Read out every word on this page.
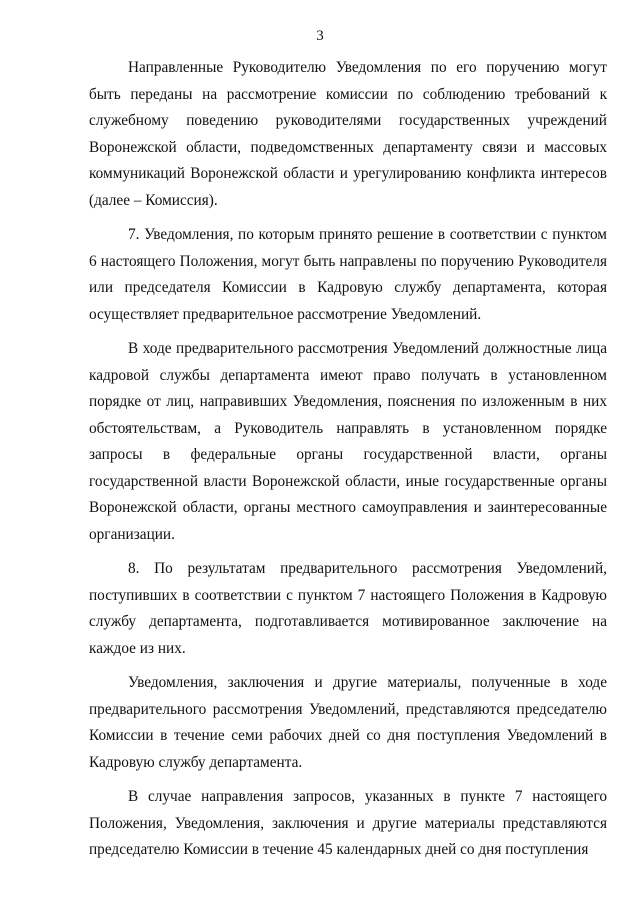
3

Направленные Руководителю Уведомления по его поручению могут быть переданы на рассмотрение комиссии по соблюдению требований к служебному поведению руководителями государственных учреждений Воронежской области, подведомственных департаменту связи и массовых коммуникаций Воронежской области и урегулированию конфликта интересов (далее – Комиссия).

7. Уведомления, по которым принято решение в соответствии с пунктом 6 настоящего Положения, могут быть направлены по поручению Руководителя или председателя Комиссии в Кадровую службу департамента, которая осуществляет предварительное рассмотрение Уведомлений.

В ходе предварительного рассмотрения Уведомлений должностные лица кадровой службы департамента имеют право получать в установленном порядке от лиц, направивших Уведомления, пояснения по изложенным в них обстоятельствам, а Руководитель направлять в установленном порядке запросы в федеральные органы государственной власти, органы государственной власти Воронежской области, иные государственные органы Воронежской области, органы местного самоуправления и заинтересованные организации.

8. По результатам предварительного рассмотрения Уведомлений, поступивших в соответствии с пунктом 7 настоящего Положения в Кадровую службу департамента, подготавливается мотивированное заключение на каждое из них.

Уведомления, заключения и другие материалы, полученные в ходе предварительного рассмотрения Уведомлений, представляются председателю Комиссии в течение семи рабочих дней со дня поступления Уведомлений в Кадровую службу департамента.

В случае направления запросов, указанных в пункте 7 настоящего Положения, Уведомления, заключения и другие материалы представляются председателю Комиссии в течение 45 календарных дней со дня поступления
